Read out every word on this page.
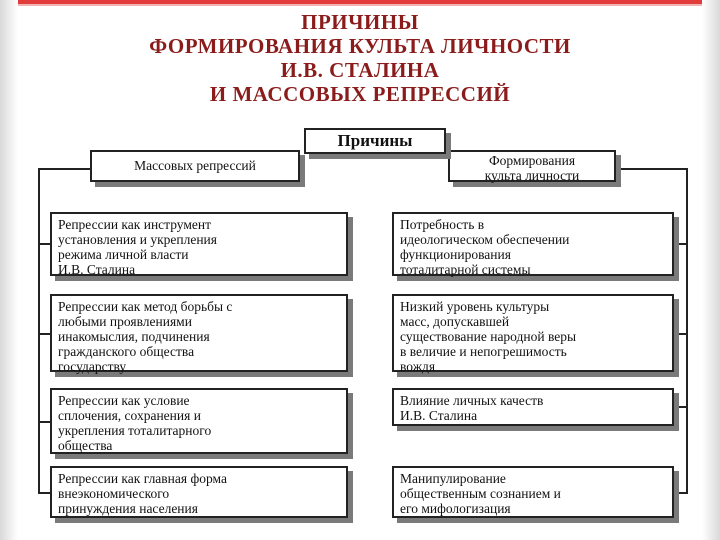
ПРИЧИНЫ
ФОРМИРОВАНИЯ КУЛЬТА ЛИЧНОСТИ
И.В. СТАЛИНА
И МАССОВЫХ РЕПРЕССИЙ
Массовых репрессий	Формирования
культа личности
Причины
Репрессии как инструмент
установления и укрепления
режима личной власти
И.В. Сталина
Репрессии как метод борьбы с
любыми проявлениями
инакомыслия, подчинения
гражданского общества
государству
Репрессии как условие
сплочения, сохранения и
укрепления тоталитарного
общества
Репрессии как главная форма
внеэкономического
принуждения населения
Потребность в
идеологическом обеспечении
функционирования
тоталитарной системы
Низкий уровень культуры
масс, допускавшей
существование народной веры
в величие и непогрешимость
вождя
Влияние личных качеств
И.В. Сталина
Манипулирование
общественным сознанием и
его мифологизация
